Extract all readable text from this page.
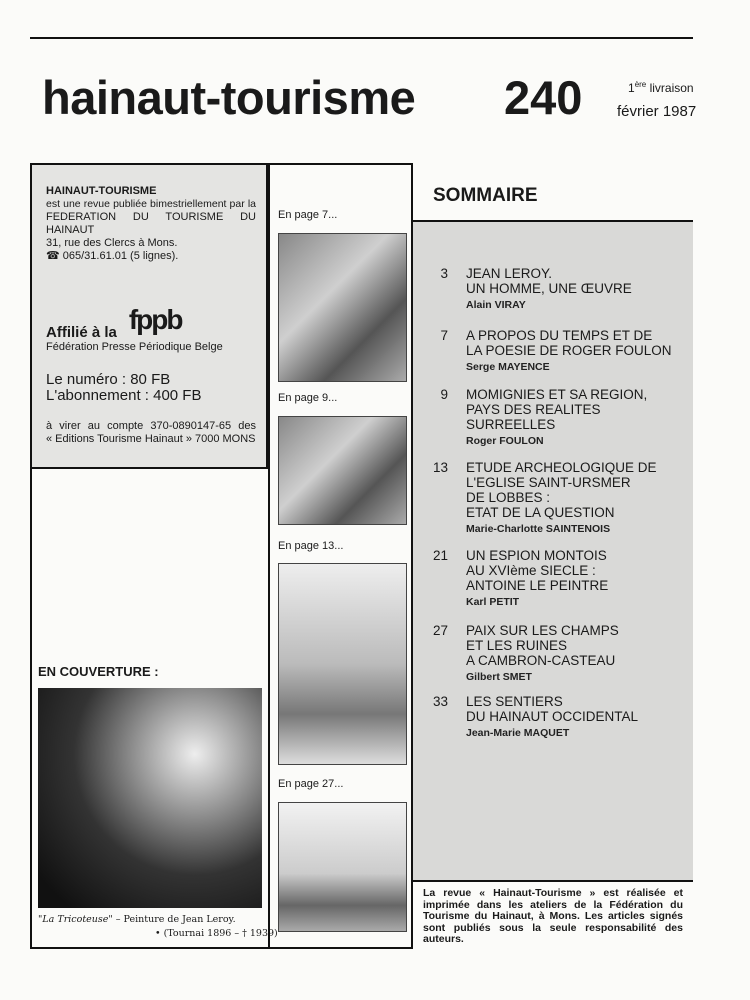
hainaut-tourisme 240	1ère livraison
février 1987
SOMMAIRE
HAINAUT-TOURISME
est une revue publiée bimestriellement par la
FEDERATION DU TOURISME DU HAINAUT
31, rue des Clercs à Mons.
☎ 065/31.61.01 (5 lignes).
Affilié à la fppb
Fédération Presse Périodique Belge
Le numéro : 80 FB
L'abonnement : 400 FB
à virer au compte 370-0890147-65 des
« Editions Tourisme Hainaut » 7000 MONS
EN COUVERTURE :
"La Tricoteuse" – Peinture de Jean Leroy.
• (Tournai 1896 – † 1939)
En page 7...
En page 9...
En page 13...
En page 27...
3 JEAN LEROY.
UN HOMME, UNE ŒUVRE
Alain VIRAY
7 A PROPOS DU TEMPS ET DE
LA POESIE DE ROGER FOULON
Serge MAYENCE
9 MOMIGNIES ET SA REGION,
PAYS DES REALITES
SURREELLES
Roger FOULON
13 ETUDE ARCHEOLOGIQUE DE
L'EGLISE SAINT-URSMER
DE LOBBES :
ETAT DE LA QUESTION
Marie-Charlotte SAINTENOIS
21 UN ESPION MONTOIS
AU XVIème SIECLE :
ANTOINE LE PEINTRE
Karl PETIT
27 PAIX SUR LES CHAMPS
ET LES RUINES
A CAMBRON-CASTEAU
Gilbert SMET
33 LES SENTIERS
DU HAINAUT OCCIDENTAL
Jean-Marie MAQUET
La revue « Hainaut-Tourisme » est réalisée et imprimée dans les ateliers de la Fédération du Tourisme du Hainaut, à Mons. Les articles signés sont publiés sous la seule responsabilité des auteurs.
